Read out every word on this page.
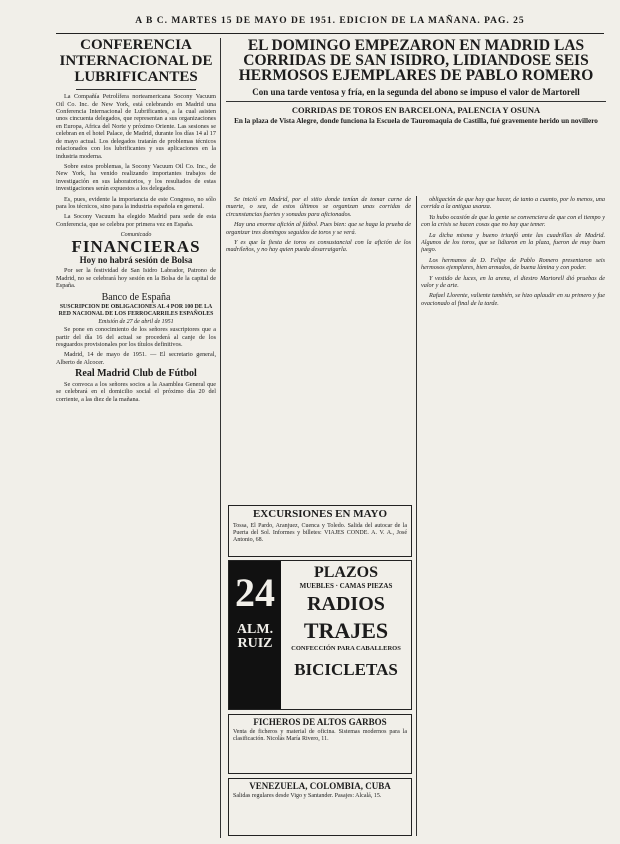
A B C. MARTES 15 DE MAYO DE 1951. EDICION DE LA MAÑANA. PAG. 25
CONFERENCIA INTERNACIONAL DE LUBRIFICANTES

La Compañía Petrolífera norteamericana Socony Vacuum Oil Co. Inc. de New York, está celebrando en Madrid una Conferencia Internacional de Lubrificantes, a la cual asisten unos cincuenta delegados, que representan a sus organizaciones en Europa, Africa del Norte y próximo Oriente. Las sesiones se celebran en el hotel Palace, de Madrid, durante los días 14 al 17 de mayo actual. Los delegados tratarán de problemas técnicos relacionados con los lubrificantes y sus aplicaciones en la industria moderna.

Sobre estos problemas, la Socony Vacuum Oil Co. Inc., de New York, ha venido realizando importantes trabajos de investigación en sus laboratorios, y los resultados de estas investigaciones serán expuestos a los delegados.

Es, pues, evidente la importancia de este Congreso, no sólo para los técnicos, sino para la industria española en general.

La Socony Vacuum ha elegido Madrid para sede de esta Conferencia, que se celebra por primera vez en España.

Comunicado
FINANCIERAS
Hoy no habrá sesión de Bolsa

Por ser la festividad de San Isidro Labrador, Patrono de Madrid, no se celebrará hoy sesión en la Bolsa de la capital de España.

Banco de España
SUSCRIPCION DE OBLIGACIONES AL 4 POR 100 DE LA RED NACIONAL DE LOS FERROCARRILES ESPAÑOLES
Emisión de 27 de abril de 1951

Se pone en conocimiento de los señores suscriptores que a partir del día 16 del actual se procederá al canje de los resguardos provisionales por los títulos definitivos.

Madrid, 14 de mayo de 1951. — El secretario general, Alberto de Alcocer.

Real Madrid Club de Fútbol

Se convoca a los señores socios a la Asamblea General que se celebrará en el domicilio social el próximo día 20 del corriente, a las diez de la mañana.

EL DOMINGO EMPEZARON EN MADRID LAS CORRIDAS DE SAN ISIDRO, LIDIANDOSE SEIS HERMOSOS EJEMPLARES DE PABLO ROMERO
Con una tarde ventosa y fría, en la segunda del abono se impuso el valor de Martorell
CORRIDAS DE TOROS EN BARCELONA, PALENCIA Y OSUNA
En la plaza de Vista Alegre, donde funciona la Escuela de Tauromaquia de Castilla, fué gravemente herido un novillero

Se inició en Madrid, por el sitio donde tenían de tomar carne de muerte, o sea, de estos últimos se organizan unas corridas de circunstancias fuertes y sonadas para aficionados.

Hay una enorme afición al fútbol. Pues bien: que se haga la prueba de organizar tres domingos seguidos de toros y se verá.

Y es que la fiesta de toros es consustancial con la afición de los madrileños, y no hay quien pueda desarraigarla.

obligación de que hay que hacer, de tanto a cuanto, por lo menos, una corrida a la antigua usanza.

Ya hubo ocasión de que la gente se convenciera de que con el tiempo y con la crisis se hacen cosas que no hay que temer.

La dicha misma y bueno triunfó ante las cuadrillas de Madrid. Algunos de los toros, que se lidiaron en la plaza, fueron de muy buen juego.

Los hermanos de D. Felipe de Pablo Romero presentaron seis hermosos ejemplares, bien armados, de buena lámina y con poder.

Y vestido de luces, en la arena, el diestro Martorell dió pruebas de valor y de arte.

Rafael Llorente, valiente también, se hizo aplaudir en su primero y fue ovacionado al final de la tarde.

EXCURSIONES EN MAYO

Tossa, El Pardo, Aranjuez, Cuenca y Toledo. Salida del autocar de la Puerta del Sol. Informes y billetes: VIAJES CONDE. A. V. A., José Antonio, 68.

24
ALM. RUIZ
PLAZOS
MUEBLES · CAMAS PIEZAS
RADIOS
TRAJES
CONFECCIÓN PARA CABALLEROS
BICICLETAS
FICHEROS DE ALTOS GARBOS

Venta de ficheros y material de oficina. Sistemas modernos para la clasificación. Nicolás María Rivero, 11.

VENEZUELA, COLOMBIA, CUBA

Salidas regulares desde Vigo y Santander. Pasajes: Alcalá, 15.
